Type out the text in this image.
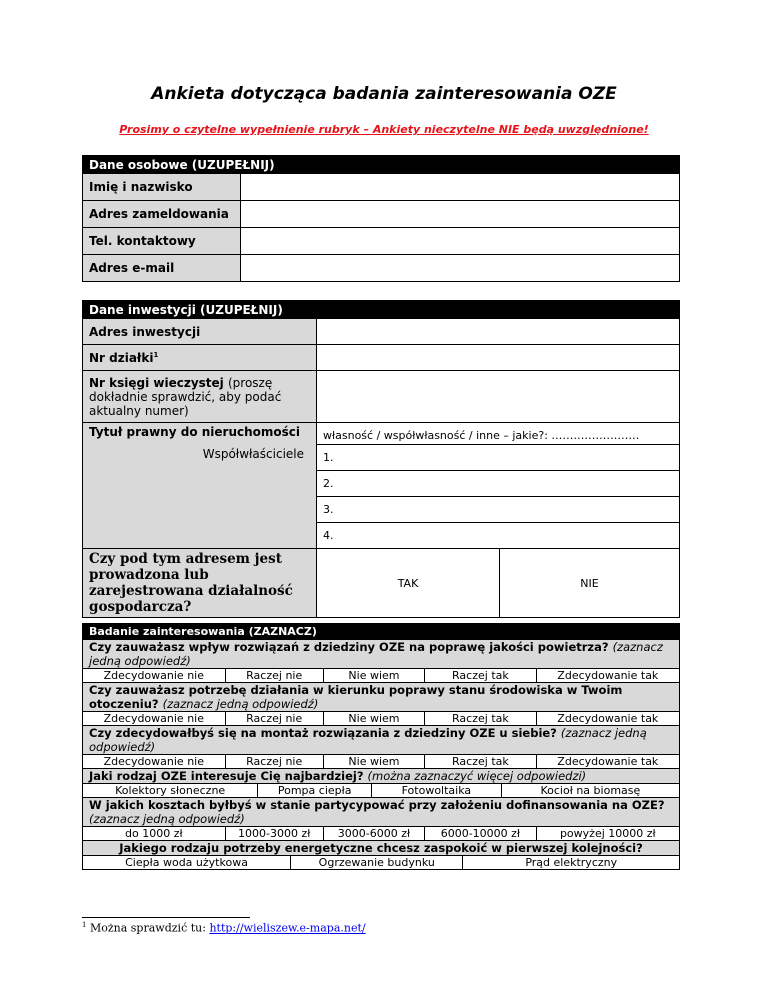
Ankieta dotycząca badania zainteresowania OZE
Prosimy o czytelne wypełnienie rubryk – Ankiety nieczytelne NIE będą uwzględnione!
Dane osobowe (UZUPEŁNIJ)	
Imię i nazwisko	
Adres zameldowania	
Tel. kontaktowy	
Adres e-mail	
Dane inwestycji (UZUPEŁNIJ)		
Adres inwestycji		
Nr działki$^1$	
Nr księgi wieczystej (proszę dokładnie sprawdzić, aby podać aktualny numer)		
Tytuł prawny do nieruchomości	własność / współwłasność / inne – jakie?: ……………………	
Współwłaściciele	1.	
	2.	
	3.	
	4.	
Czy pod tym adresem jest prowadzona lub zarejestrowana działalność gospodarcza?	TAK	NIE
Badanie zainteresowania (ZAZNACZ)									
Czy zauważasz wpływ rozwiązań z dziedziny OZE na poprawę jakości powietrza? (zaznacz jedną odpowiedź)									
Zdecydowanie nie	Raczej nie			Nie wiem		Raczej tak			Zdecydowanie tak
Czy zauważasz potrzebę działania w kierunku poprawy stanu środowiska w Twoim otoczeniu? (zaznacz jedną odpowiedź)									
Zdecydowanie nie	Raczej nie			Nie wiem		Raczej tak			Zdecydowanie tak
Czy zdecydowałbyś się na montaż rozwiązania z dziedziny OZE u siebie? (zaznacz jedną odpowiedź)									
Zdecydowanie nie	Raczej nie			Nie wiem		Raczej tak			Zdecydowanie tak
Jaki rodzaj OZE interesuje Cię najbardziej? (można zaznaczyć więcej odpowiedzi)									
Kolektory słoneczne		Pompa ciepła			Fotowoltaika			Kocioł na biomasę	
W jakich kosztach byłbyś w stanie partycypować przy założeniu dofinansowania na OZE? (zaznacz jedną odpowiedź)									
do 1000 zł	1000-3000 zł			3000-6000 zł		6000-10000 zł			powyżej 10000 zł
Jakiego rodzaju potrzeby energetyczne chcesz zaspokoić w pierwszej kolejności?									
Ciepła woda użytkowa			Ogrzewanie budynku				Prąd elektryczny		
$^1$ Można sprawdzić tu: http://wieliszew.e-mapa.net/
